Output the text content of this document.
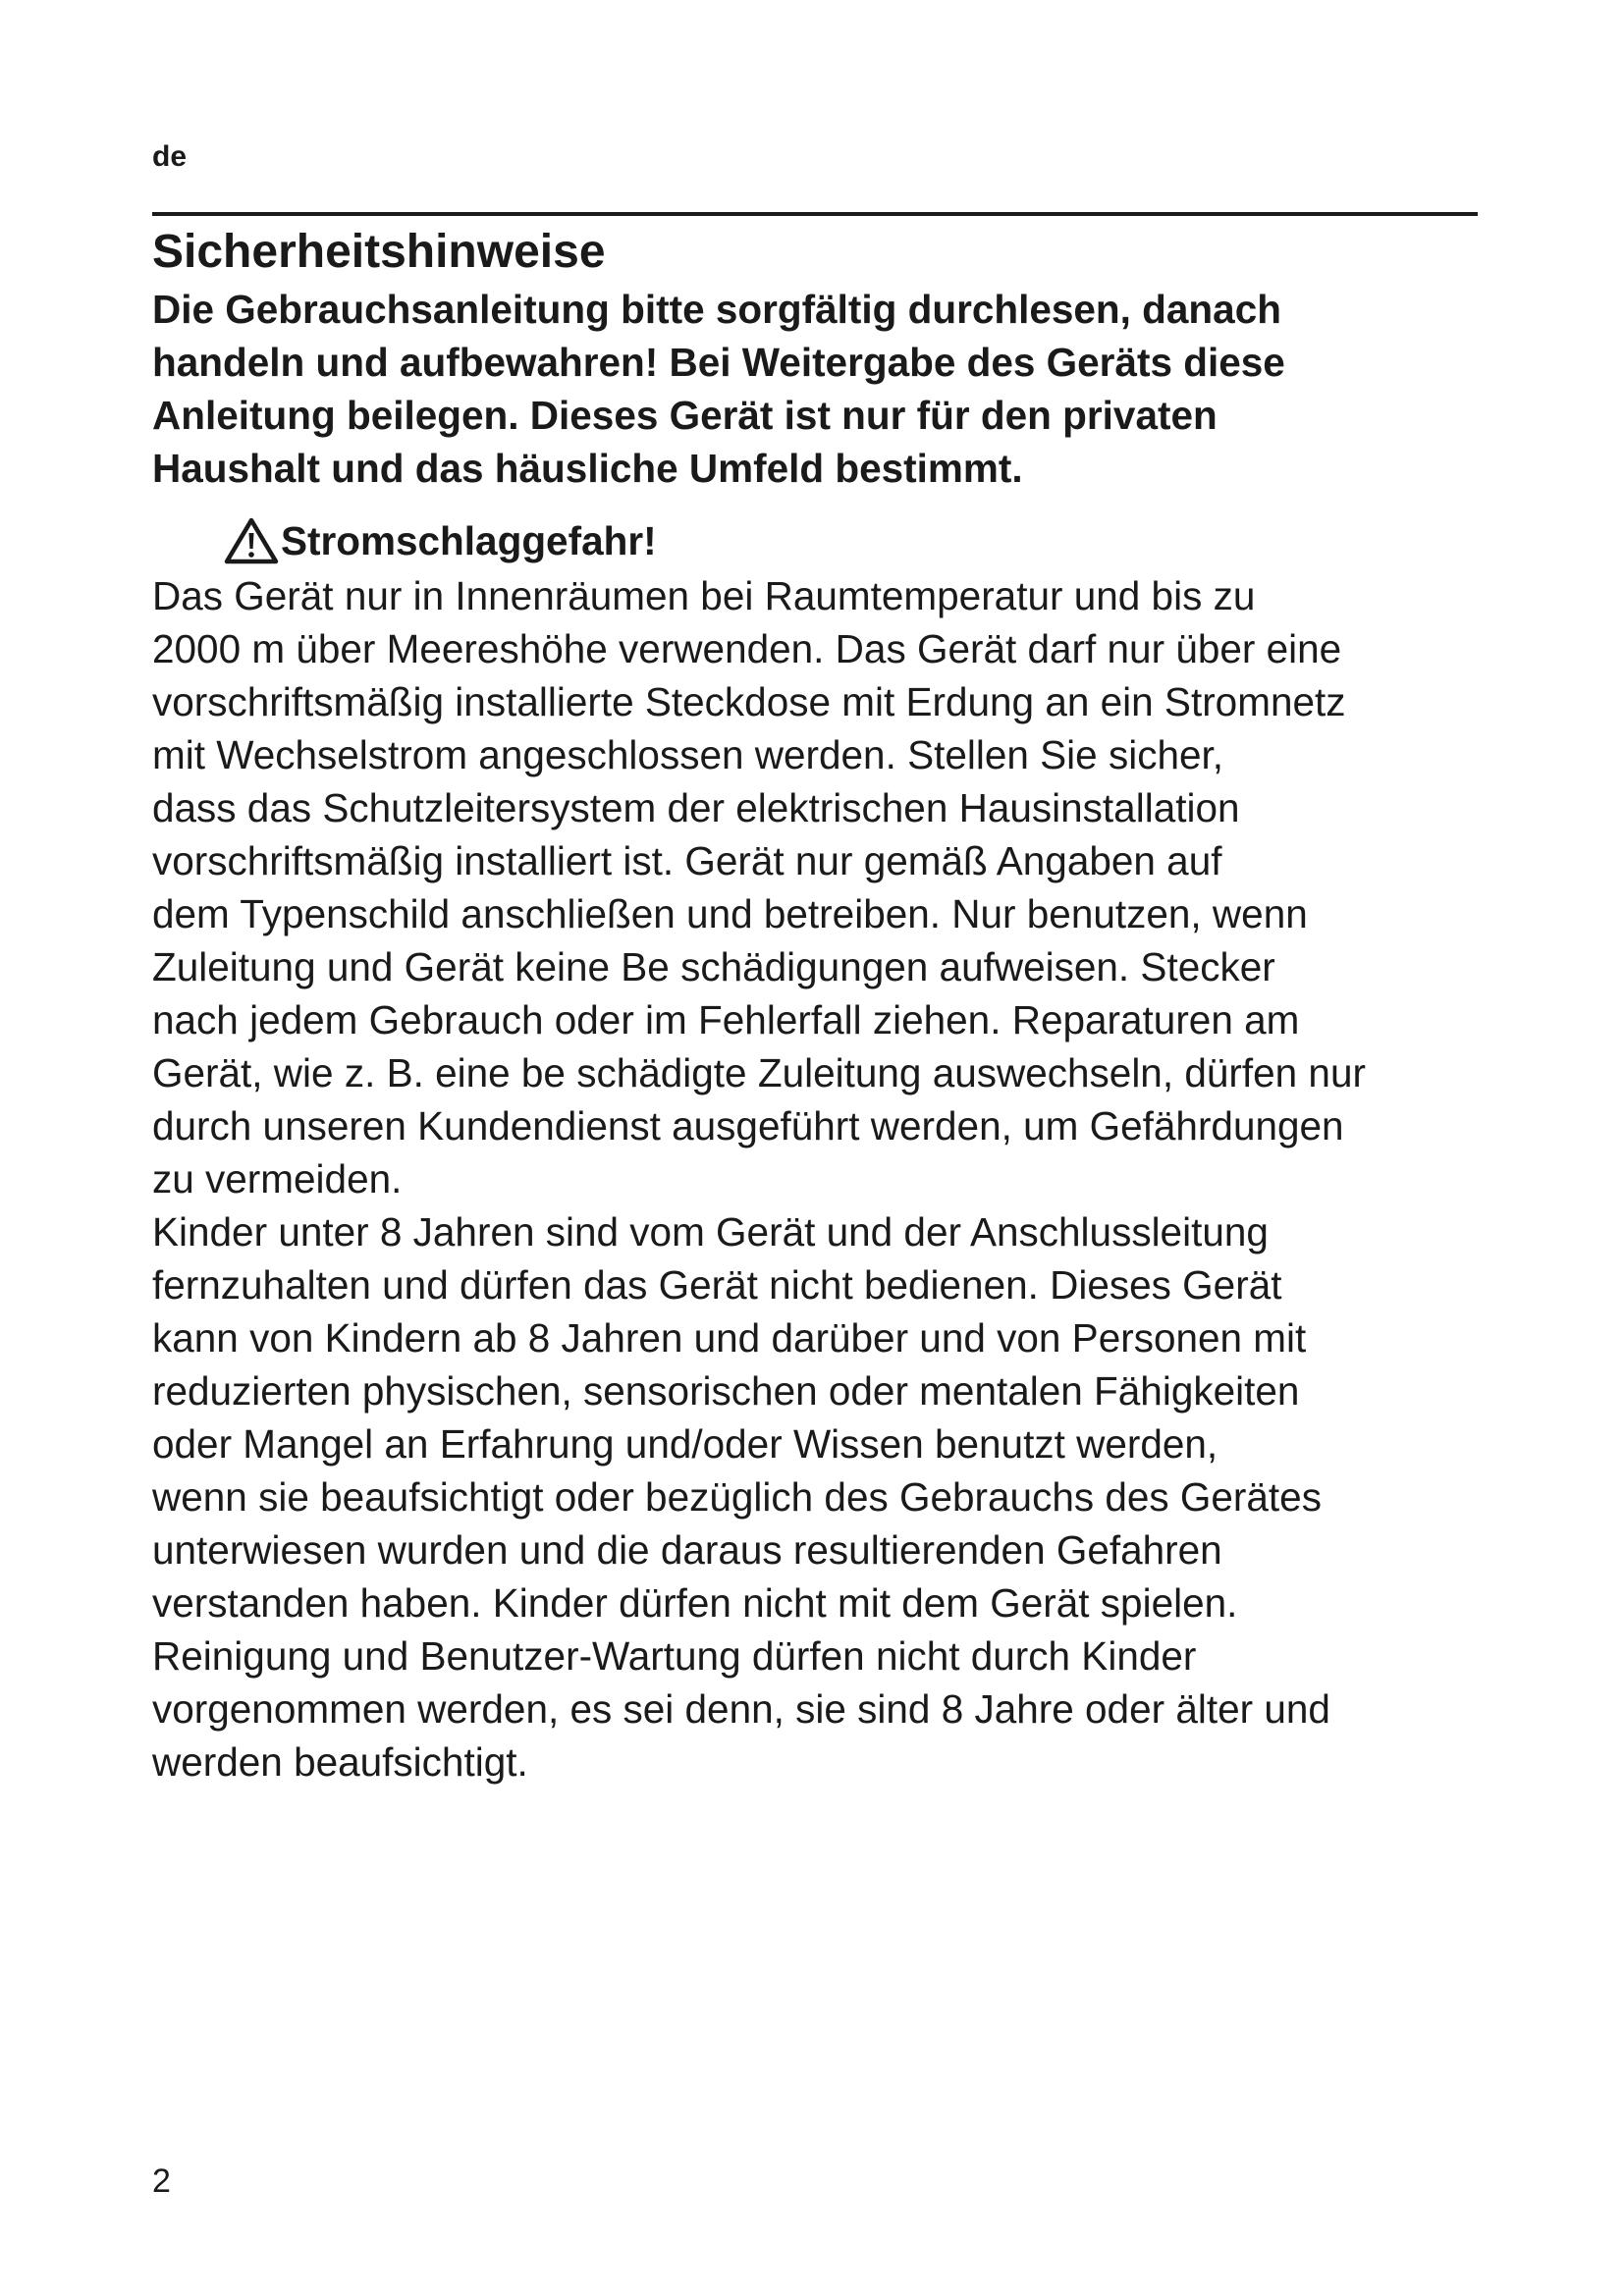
de
Sicherheitshinweise

Die Gebrauchsanleitung bitte sorgfältig durchlesen, danach
handeln und aufbewahren! Bei Weitergabe des Geräts diese
Anleitung beilegen. Dieses Gerät ist nur für den privaten
Haushalt und das häusliche Umfeld bestimmt.

Stromschlaggefahr!

Das Gerät nur in Innenräumen bei Raumtemperatur und bis zu
2000 m über Meereshöhe verwenden. Das Gerät darf nur über eine
vorschriftsmäßig installierte Steckdose mit Erdung an ein Stromnetz
mit Wechselstrom angeschlossen werden. Stellen Sie sicher,
dass das Schutzleitersystem der elektrischen Hausinstallation
vorschriftsmäßig installiert ist. Gerät nur gemäß Angaben auf
dem Typenschild anschließen und betreiben. Nur benutzen, wenn
Zuleitung und Gerät keine Be schädigungen aufweisen. Stecker
nach jedem Gebrauch oder im Fehlerfall ziehen. Reparaturen am
Gerät, wie z. B. eine be schädigte Zuleitung auswechseln, dürfen nur
durch unseren Kundendienst ausgeführt werden, um Gefährdungen
zu vermeiden.
Kinder unter 8 Jahren sind vom Gerät und der Anschlussleitung
fernzuhalten und dürfen das Gerät nicht bedienen. Dieses Gerät
kann von Kindern ab 8 Jahren und darüber und von Personen mit
reduzierten physischen, sensorischen oder mentalen Fähigkeiten
oder Mangel an Erfahrung und/oder Wissen benutzt werden,
wenn sie beaufsichtigt oder bezüglich des Gebrauchs des Gerätes
unterwiesen wurden und die daraus resultierenden Gefahren
verstanden haben. Kinder dürfen nicht mit dem Gerät spielen.
Reinigung und Benutzer-Wartung dürfen nicht durch Kinder
vorgenommen werden, es sei denn, sie sind 8 Jahre oder älter und
werden beaufsichtigt.

2
